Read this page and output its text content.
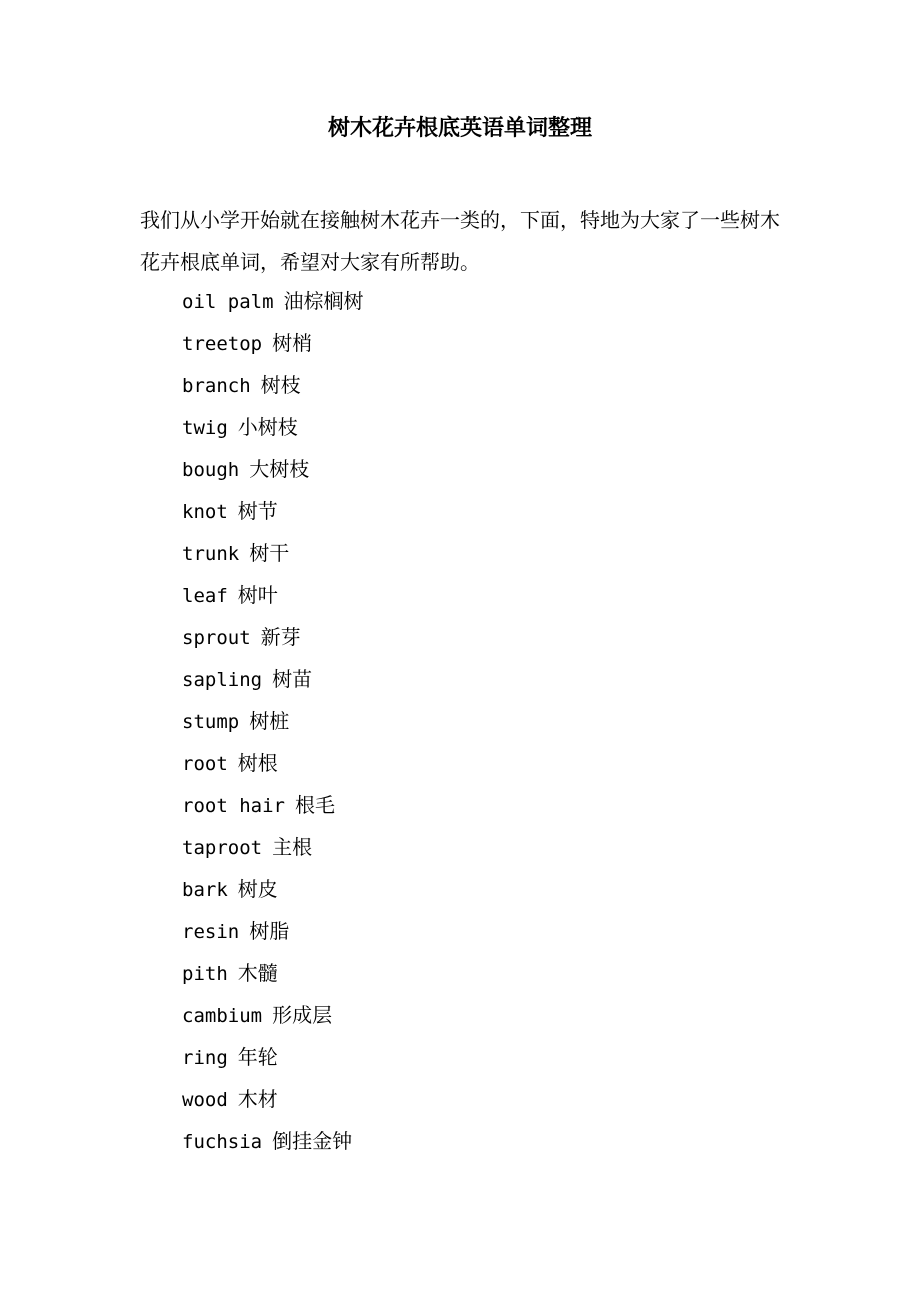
树木花卉根底英语单词整理

我们从小学开始就在接触树木花卉一类的，下面，特地为大家了一些树木花卉根底单词，希望对大家有所帮助。

oil palm 油棕榈树
treetop 树梢
branch 树枝
twig 小树枝
bough 大树枝
knot 树节
trunk 树干
leaf 树叶
sprout 新芽
sapling 树苗
stump 树桩
root 树根
root hair 根毛
taproot 主根
bark 树皮
resin 树脂
pith 木髓
cambium 形成层
ring 年轮
wood 木材
fuchsia 倒挂金钟
